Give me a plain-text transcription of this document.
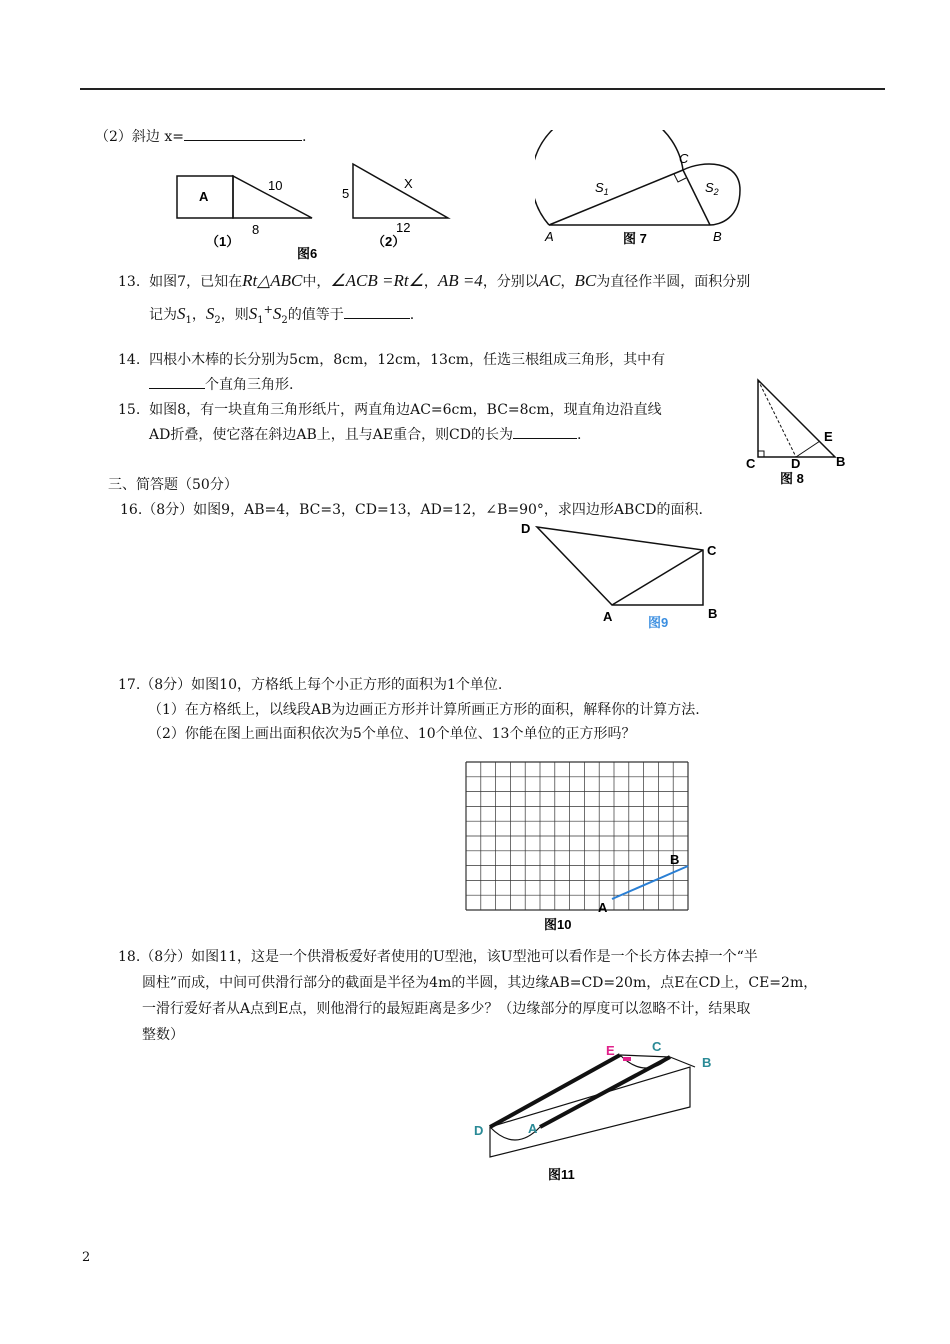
（2）斜边 x=	.
A
10
8
（1）
5
X
12
（2）
图6
C
$S_1$	$S_2$
A	图 7	B
13. 如图7，已知在Rt△ABC中，∠ACB =Rt∠，AB =4，分别以AC，BC为直径作半圆，面积分别
记为$S_1$，$S_2$，则$S_1^+S_2$的值等于	.
14. 四根小木棒的长分别为5cm，8cm，12cm，13cm，任选三根组成三角形，其中有
个直角三角形.
15. 如图8，有一块直角三角形纸片，两直角边AC=6cm，BC=8cm，现直角边沿直线
AD折叠，使它落在斜边AB上，且与AE重合，则CD的长为	.	E
C	D	B
图 8
三、简答题（50分）
16.（8分）如图9，AB=4，BC=3，CD=13，AD=12，∠B=90°，求四边形ABCD的面积.
D
C
A	B
图9
17.（8分）如图10，方格纸上每个小正方形的面积为1个单位.
（1）在方格纸上，以线段AB为边画正方形并计算所画正方形的面积，解释你的计算方法.
（2）你能在图上画出面积依次为5个单位、10个单位、13个单位的正方形吗？
B
A
图10
18.（8分）如图11，这是一个供滑板爱好者使用的U型池，该U型池可以看作是一个长方体去掉一个“半
圆柱”而成，中间可供滑行部分的截面是半径为4m的半圆，其边缘AB=CD=20m，点E在CD上，CE=2m，
一滑行爱好者从A点到E点，则他滑行的最短距离是多少？（边缘部分的厚度可以忽略不计，结果取
整数）
E	C
B
D	A
图11
2
